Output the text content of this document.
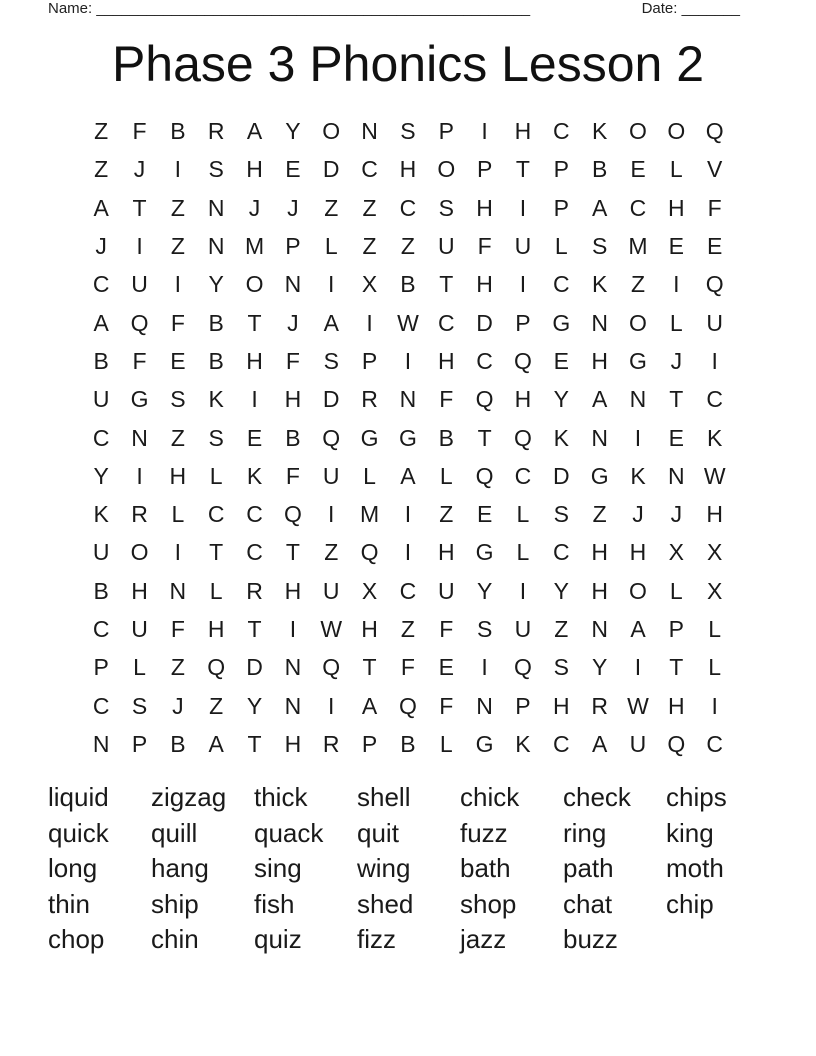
Name: ____________________________________________________	Date: _______
Phase 3 Phonics Lesson 2
Z	F	B R A	Y O N S	P	I	H C K O O Q
Z	J	I	S H E D C H O P	T	P	B	E	L	V
A	T	Z	N	J	J	Z	Z	C S H	I	P	A C H	F
J	I	Z	N M P	L	Z	Z	U	F	U	L	S M E	E
C U	I	Y O N	I	X	B	T	H	I	C K	Z	I	Q
A Q F	B	T	J	A	I	W C D P G N O	L	U
B	F	E	B H	F	S	P	I	H C Q E H G	J	I
U G S	K	I	H D R N	F Q H Y	A N	T	C
C N	Z	S	E	B Q G G B	T Q K N	I	E	K
Y	I	H	L	K	F	U	L	A	L	Q C D G K N W
K R	L	C C Q	I	M	I	Z	E	L	S	Z	J	J	H
U O	I	T	C	T	Z Q	I	H G	L	C H H X	X
B H N	L	R H U X C U Y	I	Y H O	L	X
C U	F	H	T	I	W H	Z	F	S U	Z	N A	P	L
P	L	Z Q D N Q T	F	E	I	Q S	Y	I	T	L
C S	J	Z	Y N	I	A Q F	N P H R W H	I
N P	B	A	T	H R P	B	L	G K C A U Q C
liquid	zigzag	thick	shell	chick	check	chips
quick	quill	quack	quit	fuzz	ring	king
long	hang	sing	wing	bath	path	moth
thin	ship	fish	shed	shop	chat	chip
chop	chin	quiz	fizz	jazz	buzz
